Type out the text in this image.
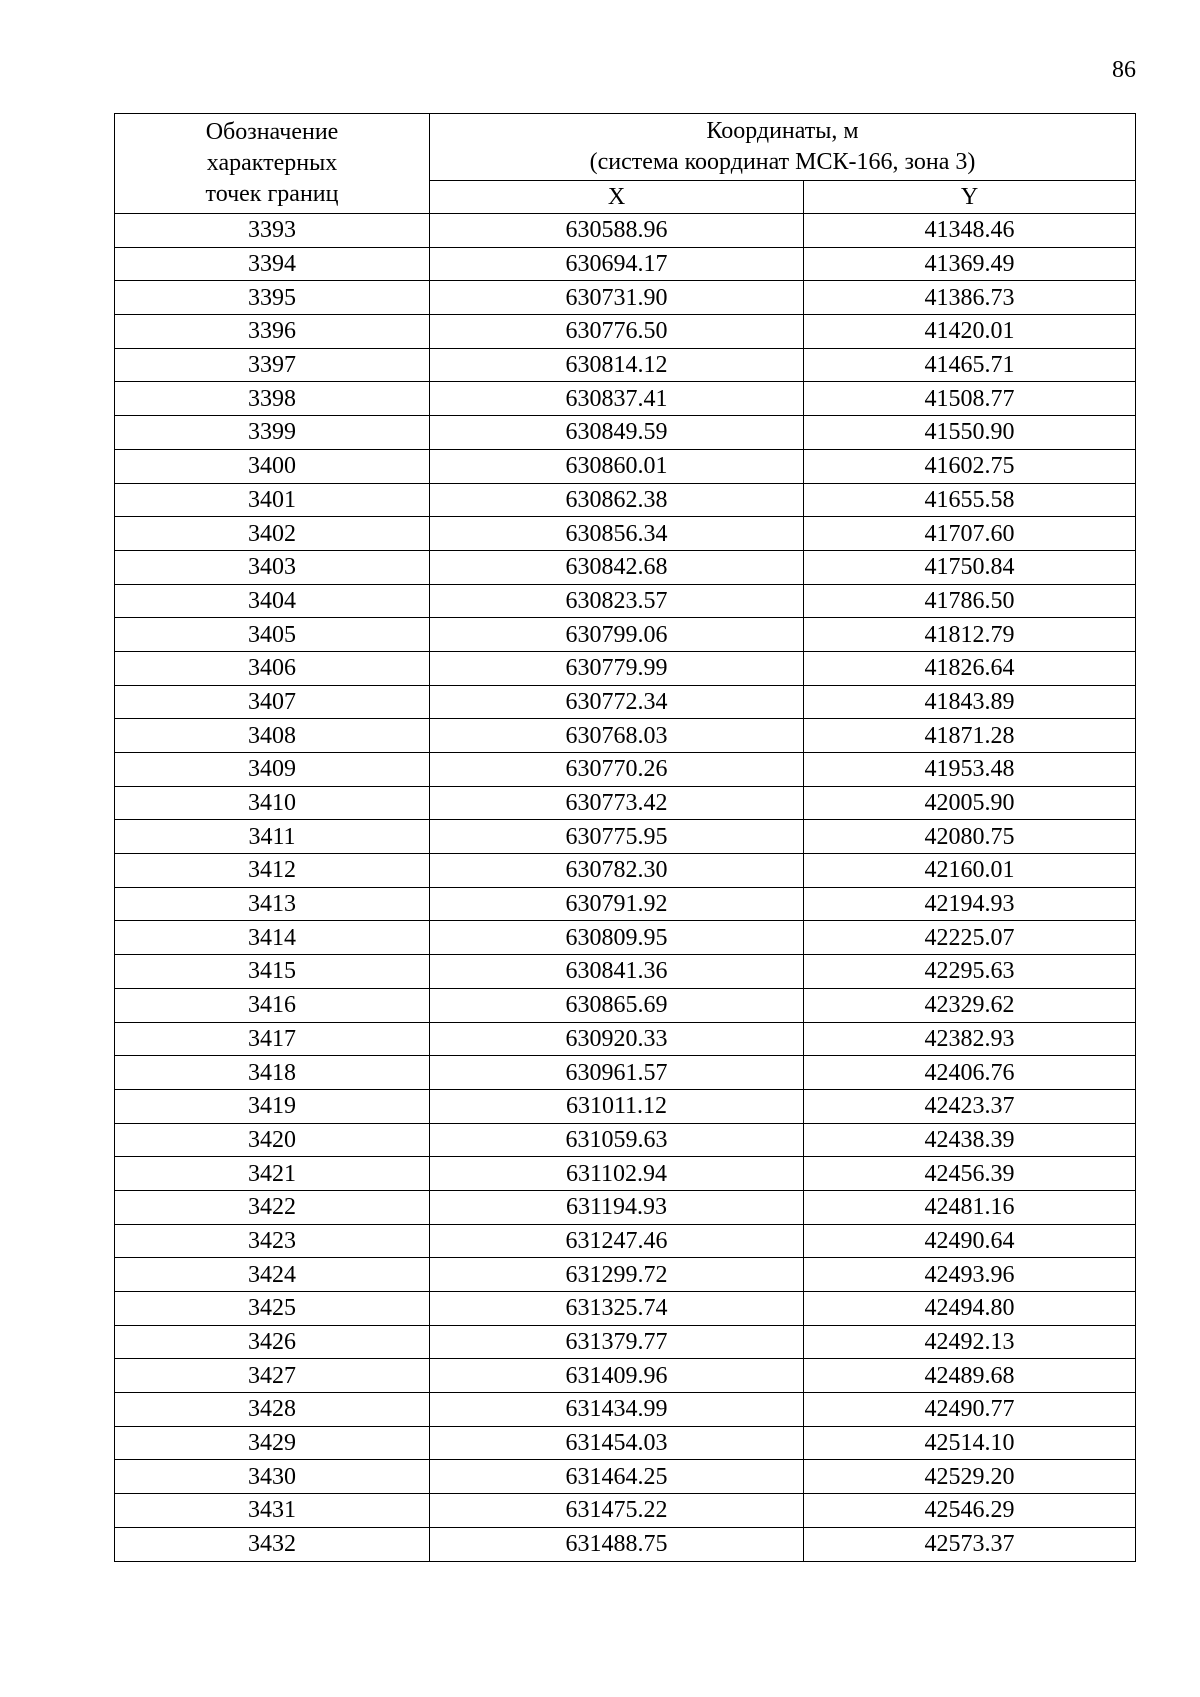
86
Обозначение
характерных
точек границ	Координаты, м
(система координат МСК-166, зона 3)	

	X	Y
3393	630588.96	41348.46
3394	630694.17	41369.49
3395	630731.90	41386.73
3396	630776.50	41420.01
3397	630814.12	41465.71
3398	630837.41	41508.77
3399	630849.59	41550.90
3400	630860.01	41602.75
3401	630862.38	41655.58
3402	630856.34	41707.60
3403	630842.68	41750.84
3404	630823.57	41786.50
3405	630799.06	41812.79
3406	630779.99	41826.64
3407	630772.34	41843.89
3408	630768.03	41871.28
3409	630770.26	41953.48
3410	630773.42	42005.90
3411	630775.95	42080.75
3412	630782.30	42160.01
3413	630791.92	42194.93
3414	630809.95	42225.07
3415	630841.36	42295.63
3416	630865.69	42329.62
3417	630920.33	42382.93
3418	630961.57	42406.76
3419	631011.12	42423.37
3420	631059.63	42438.39
3421	631102.94	42456.39
3422	631194.93	42481.16
3423	631247.46	42490.64
3424	631299.72	42493.96
3425	631325.74	42494.80
3426	631379.77	42492.13
3427	631409.96	42489.68
3428	631434.99	42490.77
3429	631454.03	42514.10
3430	631464.25	42529.20
3431	631475.22	42546.29
3432	631488.75	42573.37
